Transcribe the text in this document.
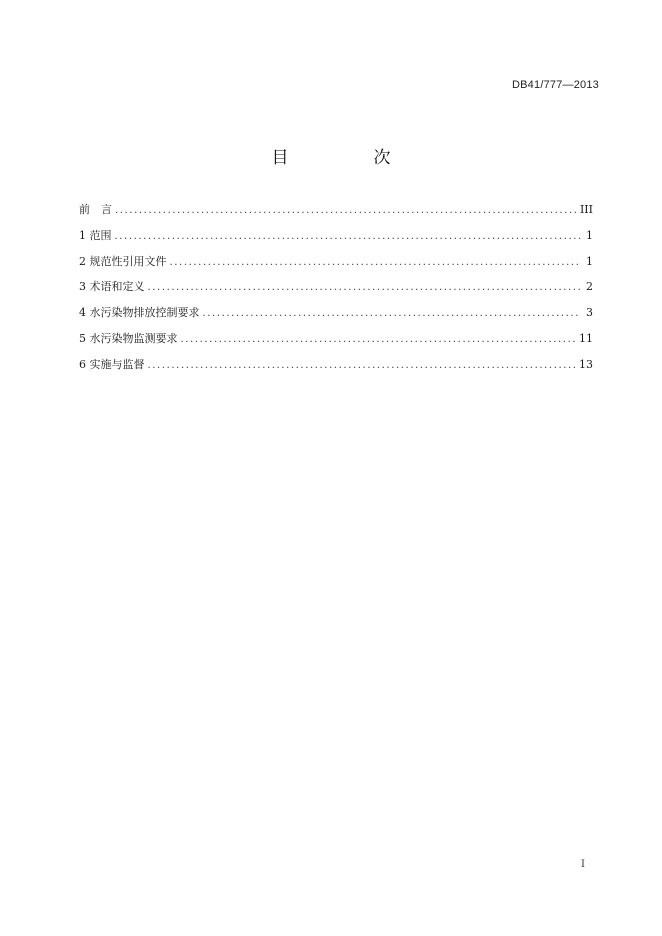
DB41/777—2013
目　次
前　言 .....	III
1 范围 .....	1
2 规范性引用文件 .....	1
3 术语和定义 .....	2
4 水污染物排放控制要求 .....	3
5 水污染物监测要求 .....	11
6 实施与监督 .....	13
I
